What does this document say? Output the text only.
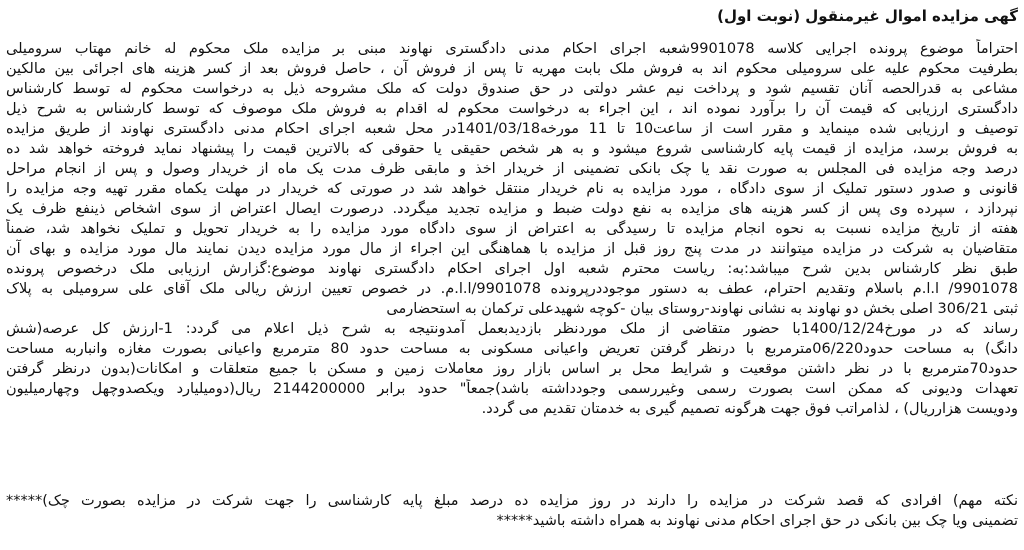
گهی مزایده اموال غیرمنقول (نوبت اول)
احتراماً موضوع پرونده اجرایی کلاسه 9901078شعبه اجرای احکام مدنی دادگستری نهاوند مبنی بر مزایده ملک محکوم له خانم مهتاب سرومیلی
بطرفیت محکوم علیه علی سرومیلی محکوم اند به فروش ملک بابت مهریه تا پس از فروش آن ، حاصل فروش بعد از کسر هزینه های اجرائی بین مالکین
مشاعی به قدرالحصه آنان تقسیم شود و پرداخت نیم عشر دولتی در حق صندوق دولت که ملک مشروحه ذیل به درخواست محکوم له توسط کارشناس
دادگستری ارزیابی که قیمت آن را برآورد نموده اند ، این اجراء به درخواست محکوم له اقدام به فروش ملک موصوف که توسط کارشناس به شرح ذیل
توصیف و ارزیابی شده مینماید و مقرر است از ساعت10 تا 11 مورخه1401/03/18در محل شعبه اجرای احکام مدنی دادگستری نهاوند از طریق مزایده
به فروش برسد، مزایده از قیمت پایه کارشناسی شروع میشود و به هر شخص حقیقی یا حقوقی که بالاترین قیمت را پیشنهاد نماید فروخته خواهد شد ده
درصد وجه مزایده فی المجلس به صورت نقد یا چک بانکی تضمینی از خریدار اخذ و مابقی ظرف مدت یک ماه از خریدار وصول و پس از انجام مراحل
قانونی و صدور دستور تملیک از سوی دادگاه ، مورد مزایده به نام خریدار منتقل خواهد شد در صورتی که خریدار در مهلت یکماه مقرر تهیه وجه مزایده را
نپردازد ، سپرده وی پس از کسر هزینه های مزایده به نفع دولت ضبط و مزایده تجدید میگردد. درصورت ایصال اعتراض از سوی اشخاص ذینفع ظرف یک
هفته از تاریخ مزایده نسبت به نحوه انجام مزایده تا رسیدگی به اعتراض از سوی دادگاه مورد مزایده را به خریدار تحویل و تملیک نخواهد شد، ضمناً
متقاضیان به شرکت در مزایده میتوانند در مدت پنج روز قبل از مزایده با هماهنگی این اجراء از مال مورد مزایده دیدن نمایند مال مورد مزایده و بهای آن
طبق نظر کارشناس بدین شرح میباشد:به: ریاست محترم شعبه اول اجرای احکام دادگستری نهاوند موضوع:گزارش ارزیابی ملک درخصوص پرونده
9901078/ ا.ا.م باسلام وتقدیم احترام، عطف به دستور موجوددرپرونده 9901078/ا.ا.م. در خصوص تعیین ارزش ریالی ملک آقای علی سرومیلی به پلاک
ثبتی 306/21 اصلی بخش دو نهاوند به نشانی نهاوند-روستای بیان -کوچه شهیدعلی ترکمان به استحضارمی
رساند که در مورخ1400/12/24با حضور متقاضی از ملک موردنظر بازدیدبعمل آمدونتیجه به شرح ذیل اعلام می گردد: 1-ارزش کل عرصه(شش
دانگ) به مساحت حدود06/220مترمربع با درنظر گرفتن تعریض واعیانی مسکونی به مساحت حدود 80 مترمربع واعیانی بصورت مغازه وانباربه مساحت
حدود70مترمربع با در نظر داشتن موقعیت و شرایط محل بر اساس بازار روز معاملات زمین و مسکن با جمیع متعلقات و امکانات(بدون درنظر گرفتن
تعهدات ودیونی که ممکن است بصورت رسمی وغیررسمی وجودداشته باشد)جمعاً" حدود برابر 2144200000 ریال(دومیلیارد ویکصدوچهل وچهارمیلیون
ودویست هزارریال) ، لذامراتب فوق جهت هرگونه تصمیم گیری به خدمتان تقدیم می گردد.
نکته مهم) افرادی که قصد شرکت در مزایده را دارند در روز مزایده ده درصد مبلغ پایه کارشناسی را جهت شرکت در مزایده بصورت چک)*****
تضمینی ویا چک بین بانکی در حق اجرای احکام مدنی نهاوند به همراه داشته باشید*****
